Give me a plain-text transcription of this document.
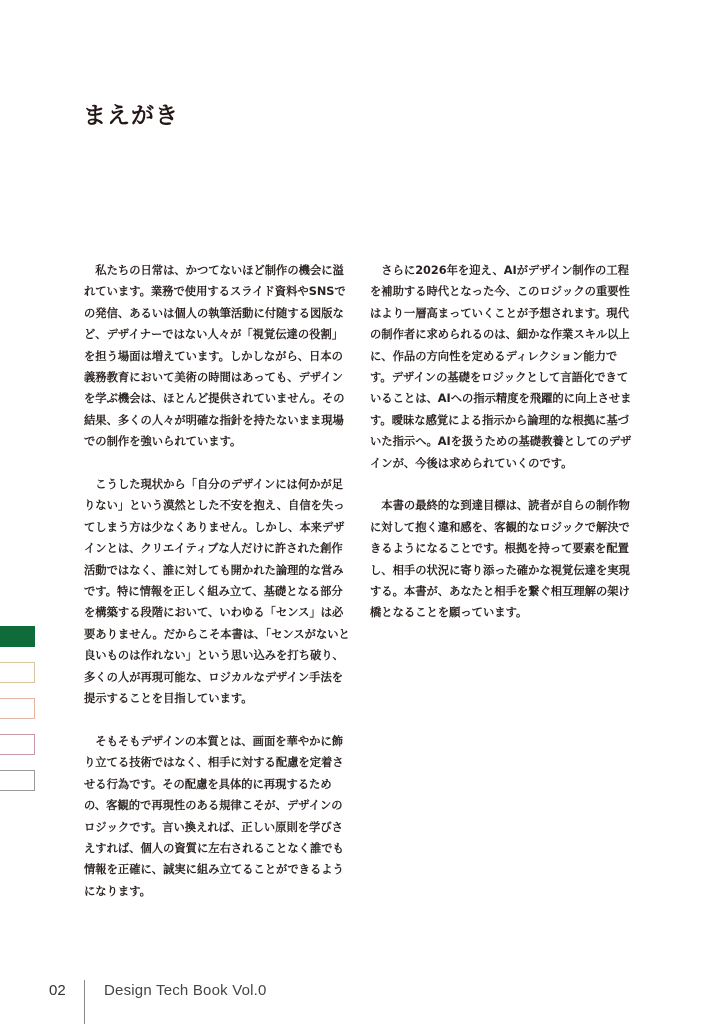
まえがき

私たちの日常は、かつてないほど制作の機会に溢れています。業務で使用するスライド資料やSNSでの発信、あるいは個人の執筆活動に付随する図版など、デザイナーではない人々が「視覚伝達の役割」を担う場面は増えています。しかしながら、日本の義務教育において美術の時間はあっても、デザインを学ぶ機会は、ほとんど提供されていません。その結果、多くの人々が明確な指針を持たないまま現場での制作を強いられています。

こうした現状から「自分のデザインには何かが足りない」という漠然とした不安を抱え、自信を失ってしまう方は少なくありません。しかし、本来デザインとは、クリエイティブな人だけに許された創作活動ではなく、誰に対しても開かれた論理的な営みです。特に情報を正しく組み立て、基礎となる部分を構築する段階において、いわゆる「センス」は必要ありません。だからこそ本書は、「センスがないと良いものは作れない」という思い込みを打ち破り、多くの人が再現可能な、ロジカルなデザイン手法を提示することを目指しています。

そもそもデザインの本質とは、画面を華やかに飾り立てる技術ではなく、相手に対する配慮を定着させる行為です。その配慮を具体的に再現するための、客観的で再現性のある規律こそが、デザインのロジックです。言い換えれば、正しい原則を学びさえすれば、個人の資質に左右されることなく誰でも情報を正確に、誠実に組み立てることができるようになります。

さらに2026年を迎え、AIがデザイン制作の工程を補助する時代となった今、このロジックの重要性はより一層高まっていくことが予想されます。現代の制作者に求められるのは、細かな作業スキル以上に、作品の方向性を定めるディレクション能力です。デザインの基礎をロジックとして言語化できていることは、AIへの指示精度を飛躍的に向上させます。曖昧な感覚による指示から論理的な根拠に基づいた指示へ。AIを扱うための基礎教養としてのデザインが、今後は求められていくのです。

本書の最終的な到達目標は、読者が自らの制作物に対して抱く違和感を、客観的なロジックで解決できるようになることです。根拠を持って要素を配置し、相手の状況に寄り添った確かな視覚伝達を実現する。本書が、あなたと相手を繋ぐ相互理解の架け橋となることを願っています。

02	Design Tech Book Vol.0
